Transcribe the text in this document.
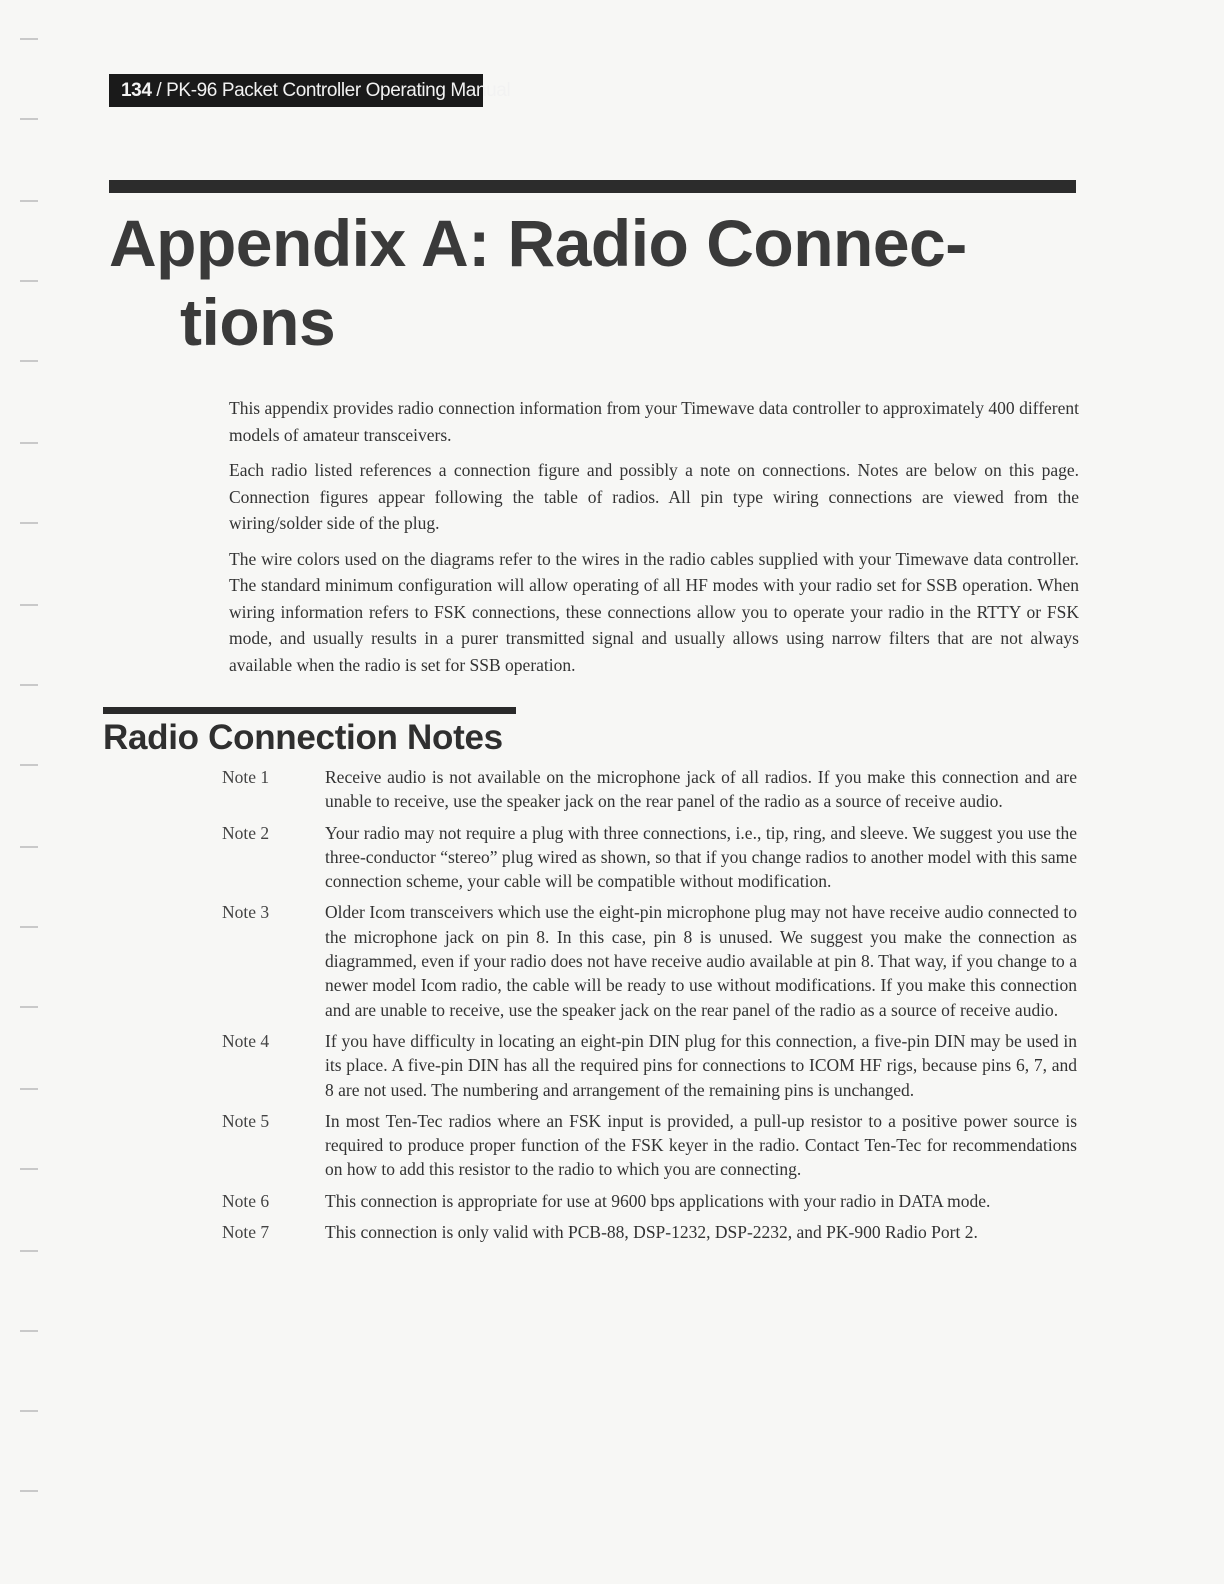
134 / PK-96 Packet Controller Operating Manual
Appendix A: Radio Connec-
tions

This appendix provides radio connection information from your Timewave data controller to approximately 400 different models of amateur transceivers.

Each radio listed references a connection figure and possibly a note on connections. Notes are below on this page. Connection figures appear following the table of radios. All pin type wiring connections are viewed from the wiring/solder side of the plug.

The wire colors used on the diagrams refer to the wires in the radio cables supplied with your Timewave data controller. The standard minimum configuration will allow operating of all HF modes with your radio set for SSB operation. When wiring information refers to FSK connections, these connections allow you to operate your radio in the RTTY or FSK mode, and usually results in a purer transmitted signal and usually allows using narrow filters that are not always available when the radio is set for SSB operation.

Radio Connection Notes
Note 1	Receive audio is not available on the microphone jack of all radios. If you make this connection and are unable to receive, use the speaker jack on the rear panel of the radio as a source of receive audio.
Note 2	Your radio may not require a plug with three connections, i.e., tip, ring, and sleeve. We suggest you use the three-conductor “stereo” plug wired as shown, so that if you change radios to another model with this same connection scheme, your cable will be compatible without modification.
Note 3	Older Icom transceivers which use the eight-pin microphone plug may not have receive audio connected to the microphone jack on pin 8. In this case, pin 8 is unused. We suggest you make the connection as diagrammed, even if your radio does not have receive audio available at pin 8. That way, if you change to a newer model Icom radio, the cable will be ready to use without modifications. If you make this connection and are unable to receive, use the speaker jack on the rear panel of the radio as a source of receive audio.
Note 4	If you have difficulty in locating an eight-pin DIN plug for this connection, a five-pin DIN may be used in its place. A five-pin DIN has all the required pins for connections to ICOM HF rigs, because pins 6, 7, and 8 are not used. The numbering and arrangement of the remaining pins is unchanged.
Note 5	In most Ten-Tec radios where an FSK input is provided, a pull-up resistor to a positive power source is required to produce proper function of the FSK keyer in the radio. Contact Ten-Tec for recommendations on how to add this resistor to the radio to which you are connecting.
Note 6	This connection is appropriate for use at 9600 bps applications with your radio in DATA mode.
Note 7	This connection is only valid with PCB-88, DSP-1232, DSP-2232, and PK-900 Radio Port 2.
